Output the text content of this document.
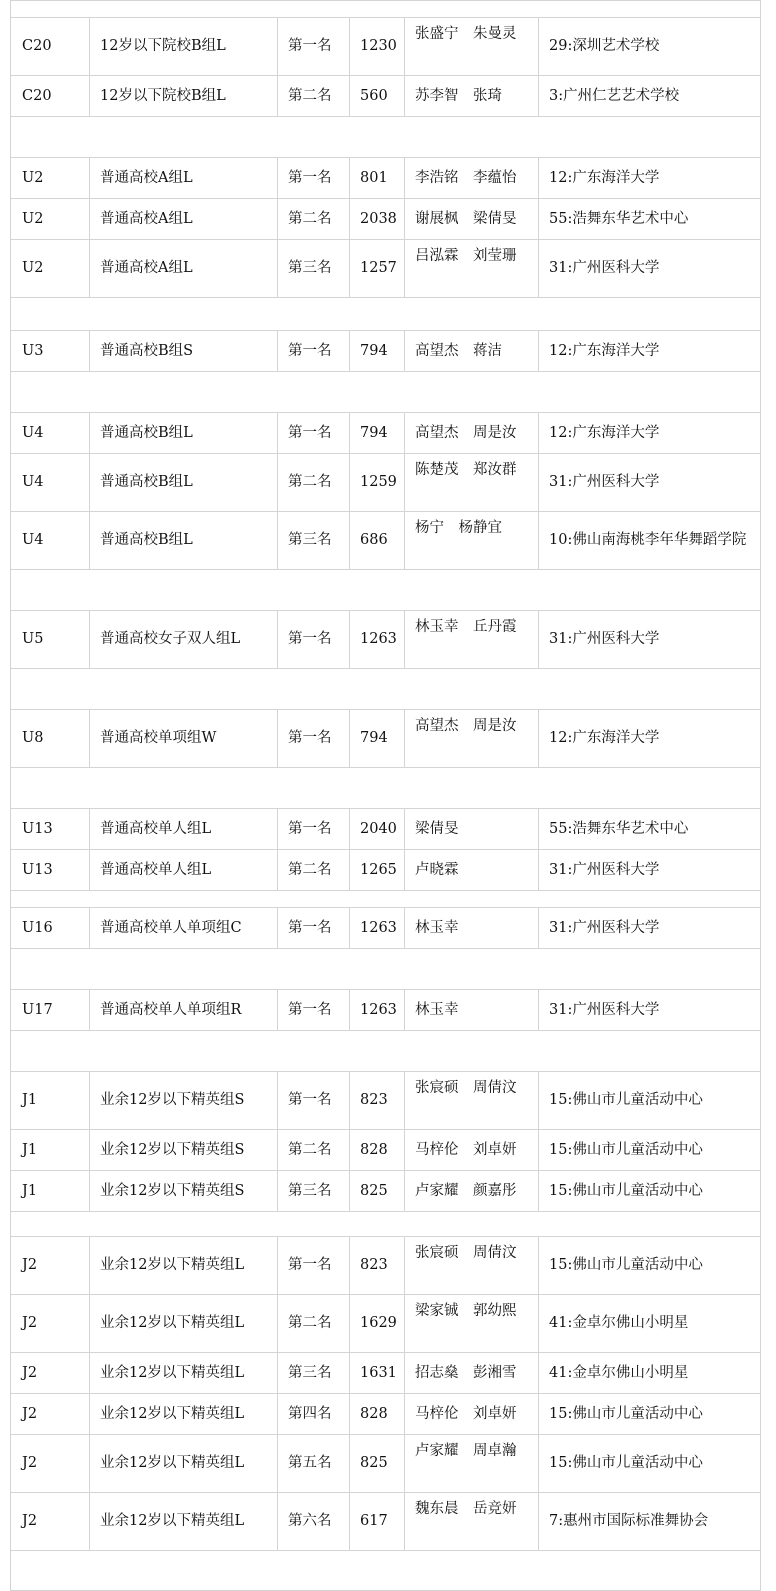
C20	12岁以下院校B组L	第一名	1230	张盛宁　朱曼灵	29:深圳艺术学校
C20	12岁以下院校B组L	第二名	560	苏李智　张琦	3:广州仁艺艺术学校

U2	普通高校A组L	第一名	801	李浩铭　李蕴怡	12:广东海洋大学
U2	普通高校A组L	第二名	2038	谢展枫　梁倩旻	55:浩舞东华艺术中心
U2	普通高校A组L	第三名	1257	吕泓霖　刘莹珊	31:广州医科大学

U3	普通高校B组S	第一名	794	高望杰　蒋洁	12:广东海洋大学

U4	普通高校B组L	第一名	794	高望杰　周是汝	12:广东海洋大学
U4	普通高校B组L	第二名	1259	陈楚茂　郑汝群	31:广州医科大学
U4	普通高校B组L	第三名	686	杨宁　杨静宜	10:佛山南海桃李年华舞蹈学院

U5	普通高校女子双人组L	第一名	1263	林玉幸　丘丹霞	31:广州医科大学

U8	普通高校单项组W	第一名	794	高望杰　周是汝	12:广东海洋大学

U13	普通高校单人组L	第一名	2040	梁倩旻	55:浩舞东华艺术中心
U13	普通高校单人组L	第二名	1265	卢晓霖	31:广州医科大学

U16	普通高校单人单项组C	第一名	1263	林玉幸	31:广州医科大学

U17	普通高校单人单项组R	第一名	1263	林玉幸	31:广州医科大学

J1	业余12岁以下精英组S	第一名	823	张宸硕　周倩汶	15:佛山市儿童活动中心
J1	业余12岁以下精英组S	第二名	828	马梓伦　刘卓妍	15:佛山市儿童活动中心
J1	业余12岁以下精英组S	第三名	825	卢家耀　颜嘉彤	15:佛山市儿童活动中心

J2	业余12岁以下精英组L	第一名	823	张宸硕　周倩汶	15:佛山市儿童活动中心
J2	业余12岁以下精英组L	第二名	1629	梁家铖　郭幼熙	41:金卓尔佛山小明星
J2	业余12岁以下精英组L	第三名	1631	招志燊　彭湘雪	41:金卓尔佛山小明星
J2	业余12岁以下精英组L	第四名	828	马梓伦　刘卓妍	15:佛山市儿童活动中心
J2	业余12岁以下精英组L	第五名	825	卢家耀　周卓瀚	15:佛山市儿童活动中心
J2	业余12岁以下精英组L	第六名	617	魏东晨　岳竞妍	7:惠州市国际标准舞协会
